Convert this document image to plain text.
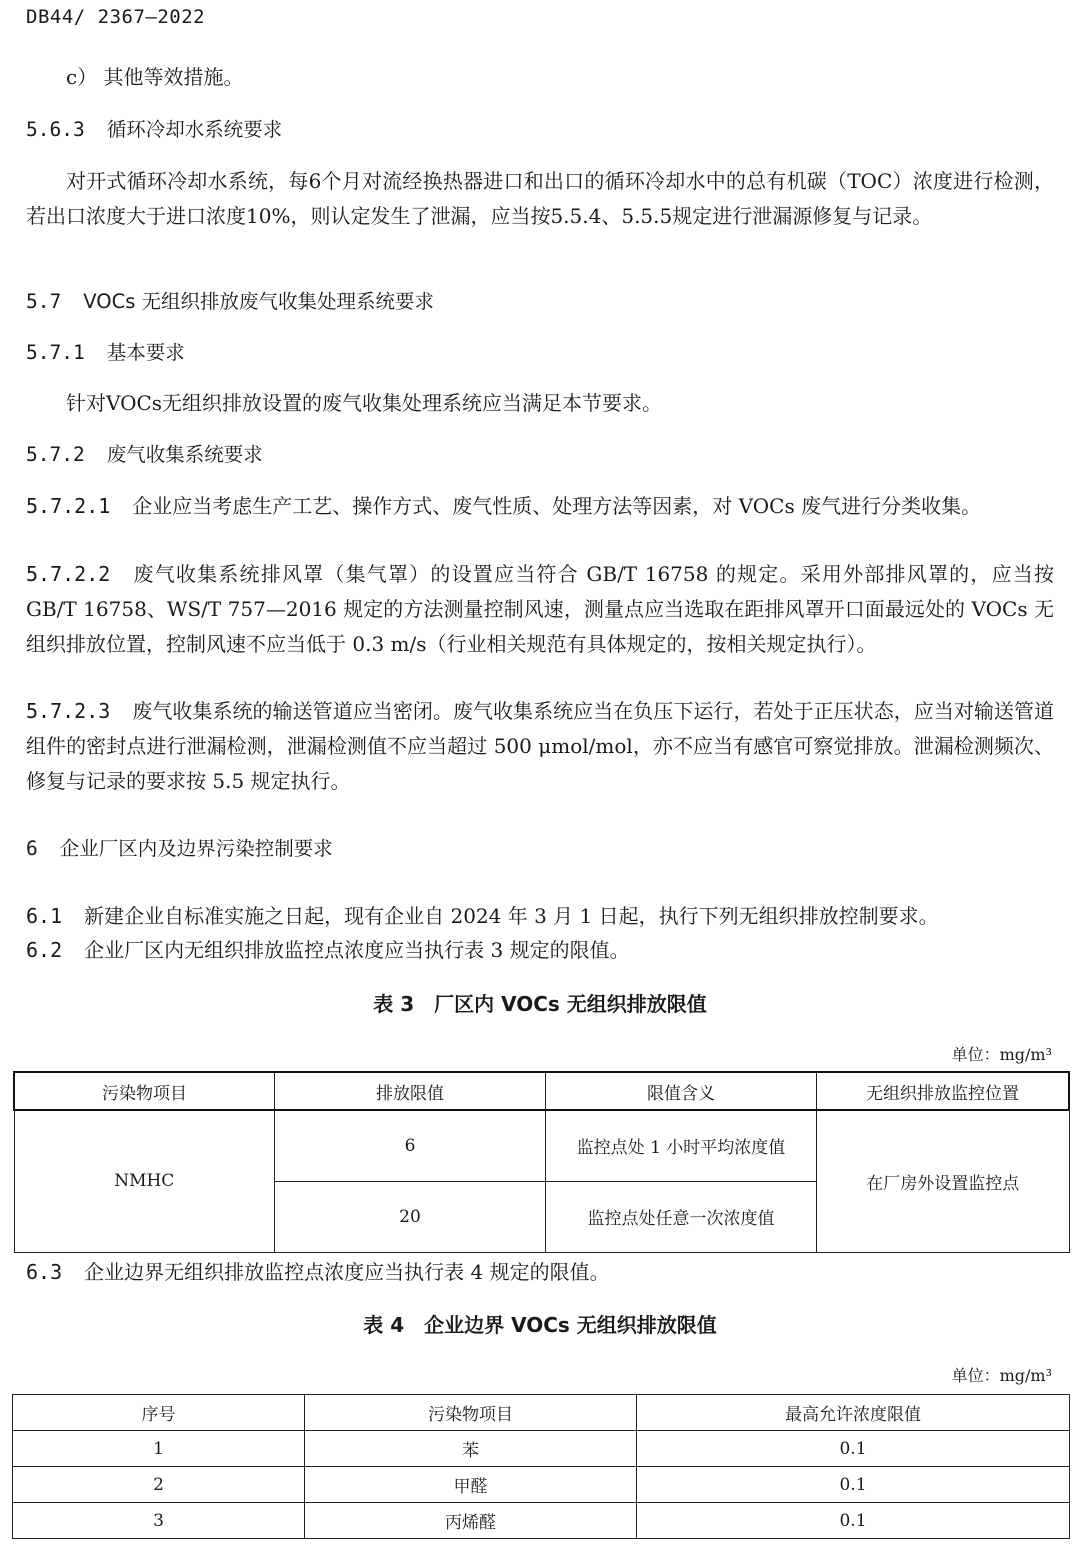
DB44/ 2367—2022
c） 其他等效措施。
5.6.3 循环冷却水系统要求
对开式循环冷却水系统，每6个月对流经换热器进口和出口的循环冷却水中的总有机碳（TOC）浓度进行检测，若出口浓度大于进口浓度10%，则认定发生了泄漏，应当按5.5.4、5.5.5规定进行泄漏源修复与记录。
5.7 VOCs 无组织排放废气收集处理系统要求
5.7.1 基本要求
针对VOCs无组织排放设置的废气收集处理系统应当满足本节要求。
5.7.2 废气收集系统要求
5.7.2.1 企业应当考虑生产工艺、操作方式、废气性质、处理方法等因素，对 VOCs 废气进行分类收集。
5.7.2.2 废气收集系统排风罩（集气罩）的设置应当符合 GB/T 16758 的规定。采用外部排风罩的，应当按 GB/T 16758、WS/T 757—2016 规定的方法测量控制风速，测量点应当选取在距排风罩开口面最远处的 VOCs 无组织排放位置，控制风速不应当低于 0.3 m/s（行业相关规范有具体规定的，按相关规定执行）。
5.7.2.3 废气收集系统的输送管道应当密闭。废气收集系统应当在负压下运行，若处于正压状态，应当对输送管道组件的密封点进行泄漏检测，泄漏检测值不应当超过 500 μmol/mol，亦不应当有感官可察觉排放。泄漏检测频次、修复与记录的要求按 5.5 规定执行。
6 企业厂区内及边界污染控制要求
6.1 新建企业自标准实施之日起，现有企业自 2024 年 3 月 1 日起，执行下列无组织排放控制要求。
6.2 企业厂区内无组织排放监控点浓度应当执行表 3 规定的限值。
表 3　厂区内 VOCs 无组织排放限值
单位：mg/m³
污染物项目	排放限值	限值含义	无组织排放监控位置
NMHC	6	监控点处 1 小时平均浓度值	在厂房外设置监控点
	20	监控点处任意一次浓度值	
6.3 企业边界无组织排放监控点浓度应当执行表 4 规定的限值。
表 4　企业边界 VOCs 无组织排放限值
单位：mg/m³
序号	污染物项目	最高允许浓度限值
1	苯	0.1
2	甲醛	0.1
3	丙烯醛	0.1
